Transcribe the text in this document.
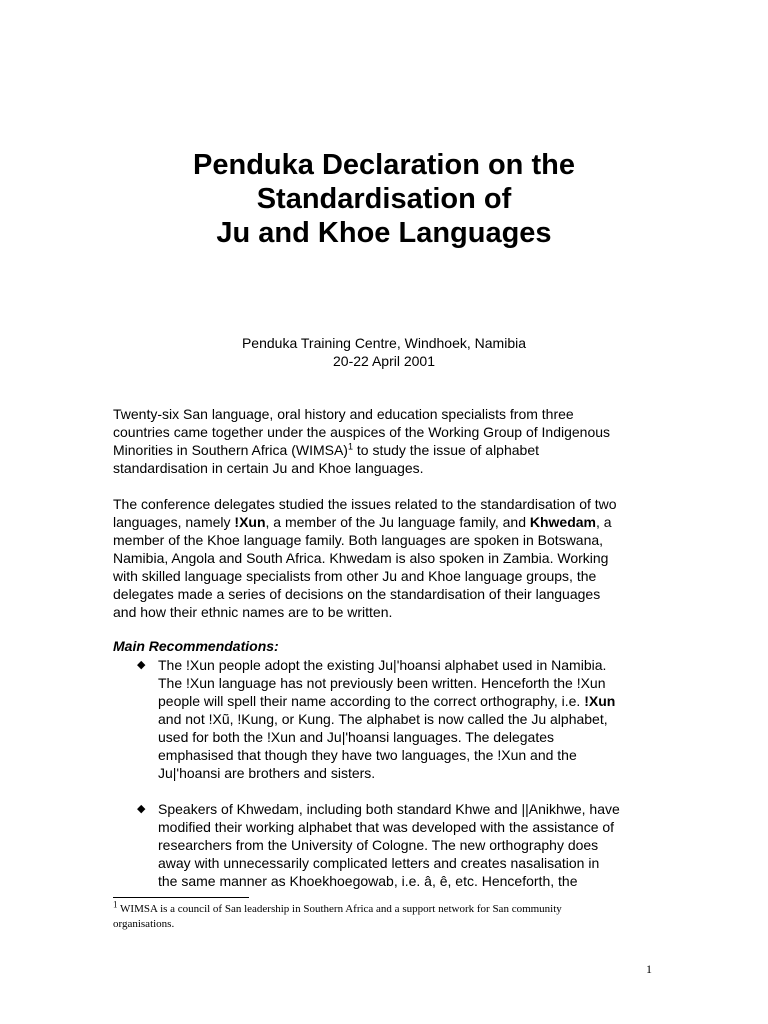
Penduka Declaration on the
Standardisation of
Ju and Khoe Languages
Penduka Training Centre, Windhoek, Namibia
20-22 April 2001
Twenty-six San language, oral history and education specialists from three
countries came together under the auspices of the Working Group of Indigenous
Minorities in Southern Africa (WIMSA)$^1$ to study the issue of alphabet
standardisation in certain Ju and Khoe languages.
The conference delegates studied the issues related to the standardisation of two
languages, namely !Xun, a member of the Ju language family, and Khwedam, a
member of the Khoe language family. Both languages are spoken in Botswana,
Namibia, Angola and South Africa. Khwedam is also spoken in Zambia. Working
with skilled language specialists from other Ju and Khoe language groups, the
delegates made a series of decisions on the standardisation of their languages
and how their ethnic names are to be written.
Main Recommendations:
◆ The !Xun people adopt the existing Ju|'hoansi alphabet used in Namibia.
The !Xun language has not previously been written. Henceforth the !Xun
people will spell their name according to the correct orthography, i.e. !Xun
and not !Xũ, !Kung, or Kung. The alphabet is now called the Ju alphabet,
used for both the !Xun and Ju|'hoansi languages. The delegates
emphasised that though they have two languages, the !Xun and the
Ju|'hoansi are brothers and sisters.
◆ Speakers of Khwedam, including both standard Khwe and ||Anikhwe, have
modified their working alphabet that was developed with the assistance of
researchers from the University of Cologne. The new orthography does
away with unnecessarily complicated letters and creates nasalisation in
the same manner as Khoekhoegowab, i.e. â, ê, etc. Henceforth, the
$^1$ WIMSA is a council of San leadership in Southern Africa and a support network for San community
organisations.
1
